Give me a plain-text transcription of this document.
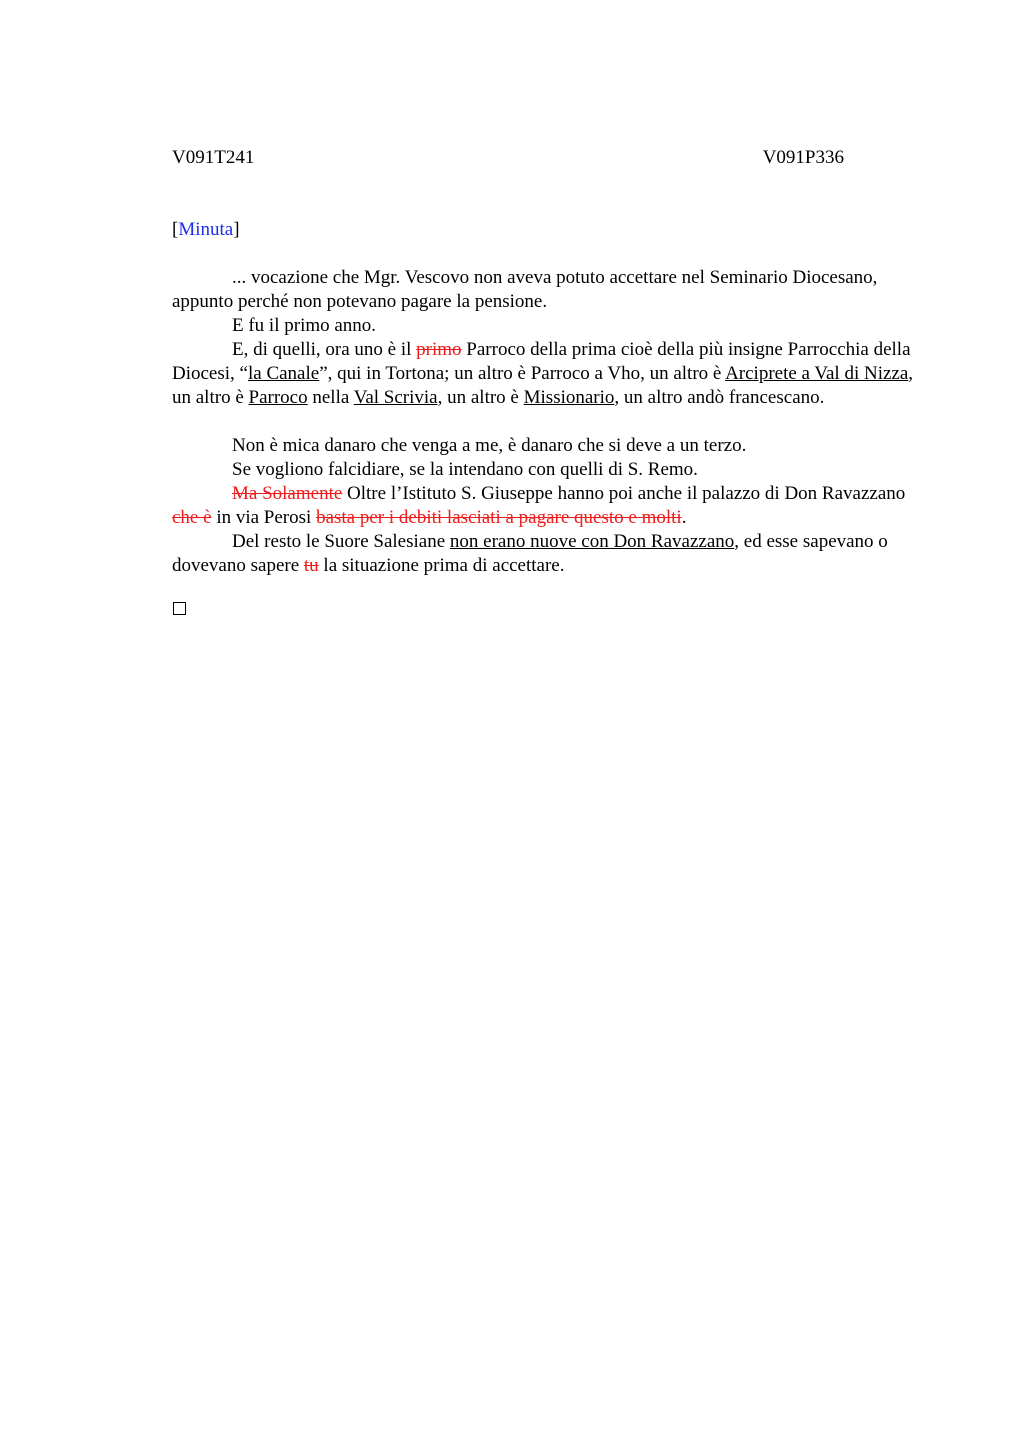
V091T241	V091P336
[Minuta]

... vocazione che Mgr. Vescovo non aveva potuto accettare nel Seminario Diocesano, appunto perché non potevano pagare la pensione.

E fu il primo anno.

E, di quelli, ora uno è il primo Parroco della prima cioè della più insigne Parrocchia della Diocesi, “la Canale”, qui in Tortona; un altro è Parroco a Vho, un altro è Arciprete a Val di Nizza, un altro è Parroco nella Val Scrivia, un altro è Missionario, un altro andò francescano.

Non è mica danaro che venga a me, è danaro che si deve a un terzo.

Se vogliono falcidiare, se la intendano con quelli di S. Remo.

Ma Solamente Oltre l’Istituto S. Giuseppe hanno poi anche il palazzo di Don Ravazzano che è in via Perosi basta per i debiti lasciati a pagare questo e molti.

Del resto le Suore Salesiane non erano nuove con Don Ravazzano, ed esse sapevano o dovevano sapere tu la situazione prima di accettare.
